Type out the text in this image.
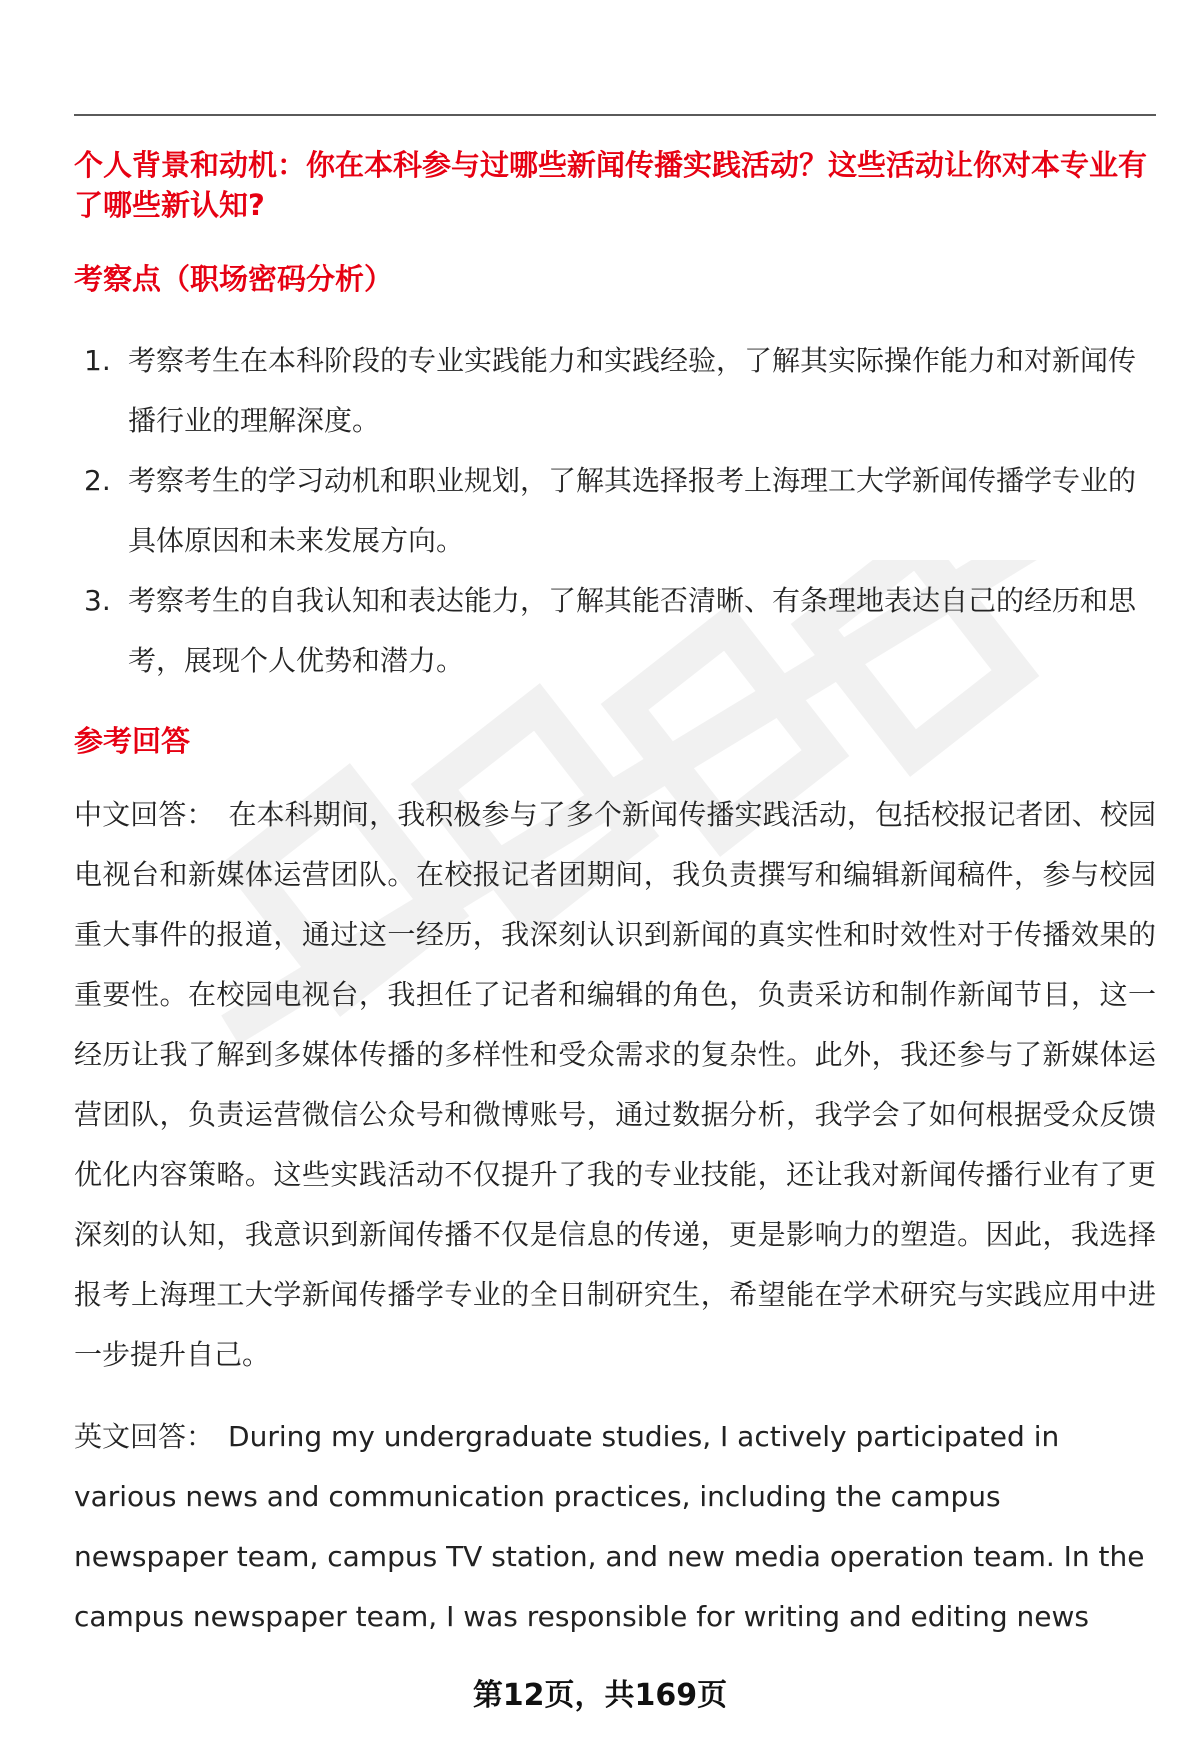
个人背景和动机：你在本科参与过哪些新闻传播实践活动？这些活动让你对本专业有了哪些新认知?

考察点（职场密码分析）

1. 考察考生在本科阶段的专业实践能力和实践经验，了解其实际操作能力和对新闻传播行业的理解深度。
2. 考察考生的学习动机和职业规划，了解其选择报考上海理工大学新闻传播学专业的具体原因和未来发展方向。
3. 考察考生的自我认知和表达能力，了解其能否清晰、有条理地表达自己的经历和思考，展现个人优势和潜力。

参考回答

中文回答： 在本科期间，我积极参与了多个新闻传播实践活动，包括校报记者团、校园电视台和新媒体运营团队。在校报记者团期间，我负责撰写和编辑新闻稿件，参与校园重大事件的报道，通过这一经历，我深刻认识到新闻的真实性和时效性对于传播效果的重要性。在校园电视台，我担任了记者和编辑的角色，负责采访和制作新闻节目，这一经历让我了解到多媒体传播的多样性和受众需求的复杂性。此外，我还参与了新媒体运营团队，负责运营微信公众号和微博账号，通过数据分析，我学会了如何根据受众反馈优化内容策略。这些实践活动不仅提升了我的专业技能，还让我对新闻传播行业有了更深刻的认知，我意识到新闻传播不仅是信息的传递，更是影响力的塑造。因此，我选择报考上海理工大学新闻传播学专业的全日制研究生，希望能在学术研究与实践应用中进一步提升自己。

英文回答： During my undergraduate studies, I actively participated in various news and communication practices, including the campus newspaper team, campus TV station, and new media operation team. In the campus newspaper team, I was responsible for writing and editing news

第12页，共169页
